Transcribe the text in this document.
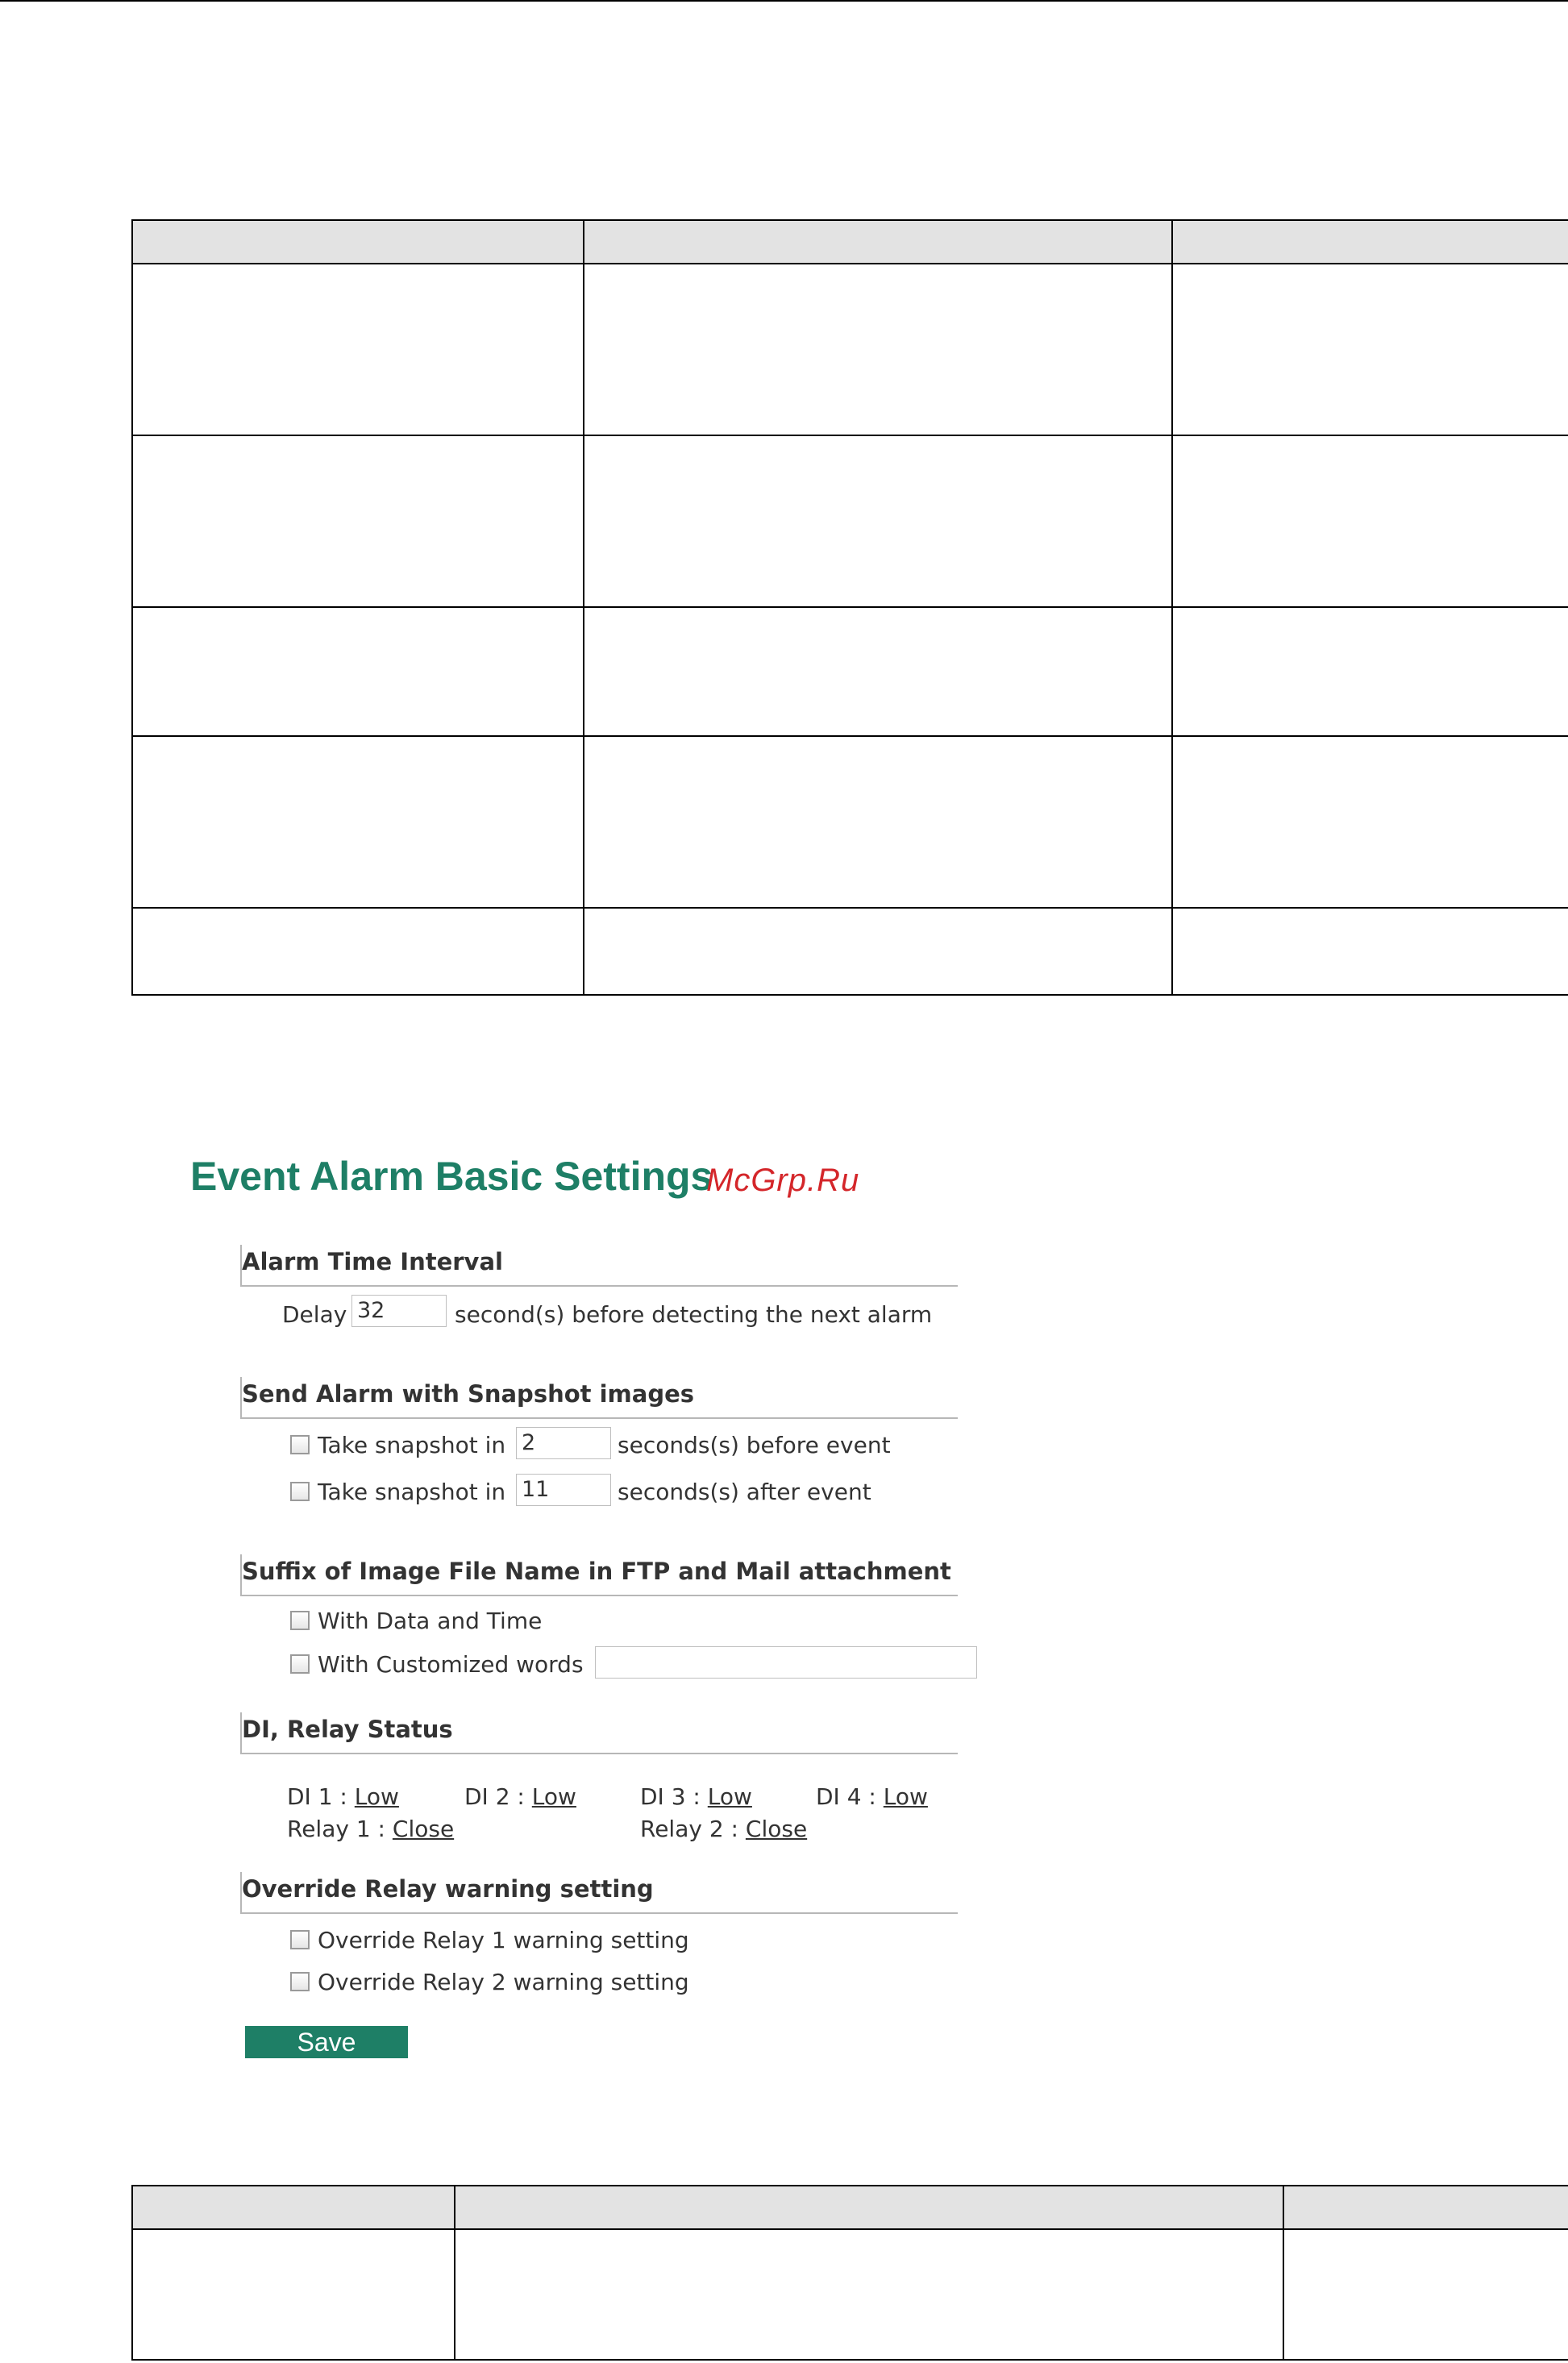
Event Alarm Basic Settings
McGrp.Ru
Alarm Time Interval
Delay 32	second(s) before detecting the next alarm
Send Alarm with Snapshot images
Take snapshot in 2	seconds(s) before event
Take snapshot in 11	seconds(s) after event
Suffix of Image File Name in FTP and Mail attachment
With Data and Time
With Customized words
DI, Relay Status
DI 1 : Low	DI 2 : Low	DI 3 : Low	DI 4 : Low
Relay 1 : Close	Relay 2 : Close
Override Relay warning setting
Override Relay 1 warning setting
Override Relay 2 warning setting
Save
